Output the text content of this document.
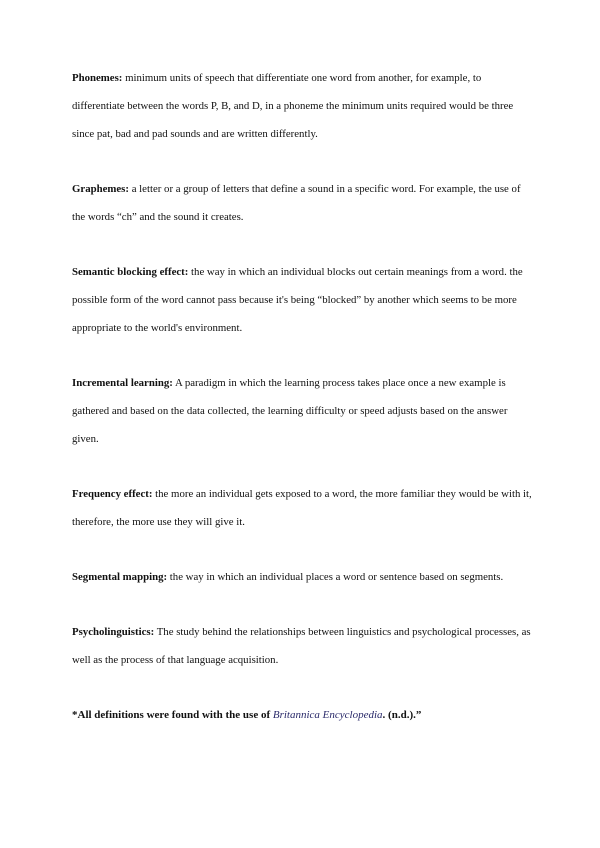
Phonemes: minimum units of speech that differentiate one word from another, for example, to differentiate between the words P, B, and D, in a phoneme the minimum units required would be three since pat, bad and pad sounds and are written differently.

Graphemes: a letter or a group of letters that define a sound in a specific word. For example, the use of the words “ch” and the sound it creates.

Semantic blocking effect: the way in which an individual blocks out certain meanings from a word. the possible form of the word cannot pass because it's being “blocked” by another which seems to be more appropriate to the world's environment.

Incremental learning: A paradigm in which the learning process takes place once a new example is gathered and based on the data collected, the learning difficulty or speed adjusts based on the answer given.

Frequency effect: the more an individual gets exposed to a word, the more familiar they would be with it, therefore, the more use they will give it.

Segmental mapping: the way in which an individual places a word or sentence based on segments.

Psycholinguistics: The study behind the relationships between linguistics and psychological processes, as well as the process of that language acquisition.

*All definitions were found with the use of Britannica Encyclopedia. (n.d.).”
